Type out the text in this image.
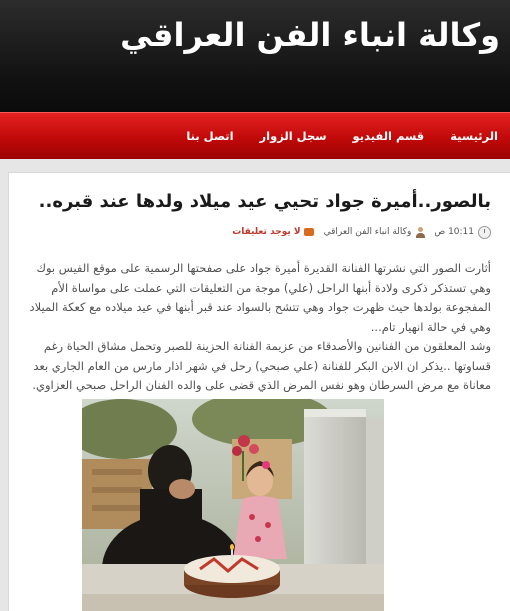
وكالة انباء الفن العراقي
الرئيسية
قسم الفيديو
سجل الزوار
اتصل بنا
بالصور..أميرة جواد تحيي عيد ميلاد ولدها عند قبره..
10:11 ص
وكالة انباء الفن العراقي
لا يوجد تعليقات

أثارت الصور التي نشرتها الفنانة القديرة أميرة جواد على صفحتها الرسمية على موقع الفيس بوك وهي تستذكر ذكرى ولادة أبنها الراحل (علي) موجة من التعليقات التي عملت على مواساة الأم المفجوعة بولدها حيث ظهرت جواد وهي تتشح بالسواد عند قبر أبنها في عيد ميلاده مع كعكة الميلاد وهي في حالة انهيار تام...

وشد المعلقون من الفنانين والأصدقاء من عزيمة الفنانة الحزينة للصبر وتحمل مشاق الحياة رغم قساوتها ..يذكر ان الابن البكر للفنانة (علي صبحي) رحل في شهر اذار مارس من العام الجاري بعد معاناة مع مرض السرطان وهو نفس المرض الذي قضى على والده الفنان الراحل صبحي العزاوي.
